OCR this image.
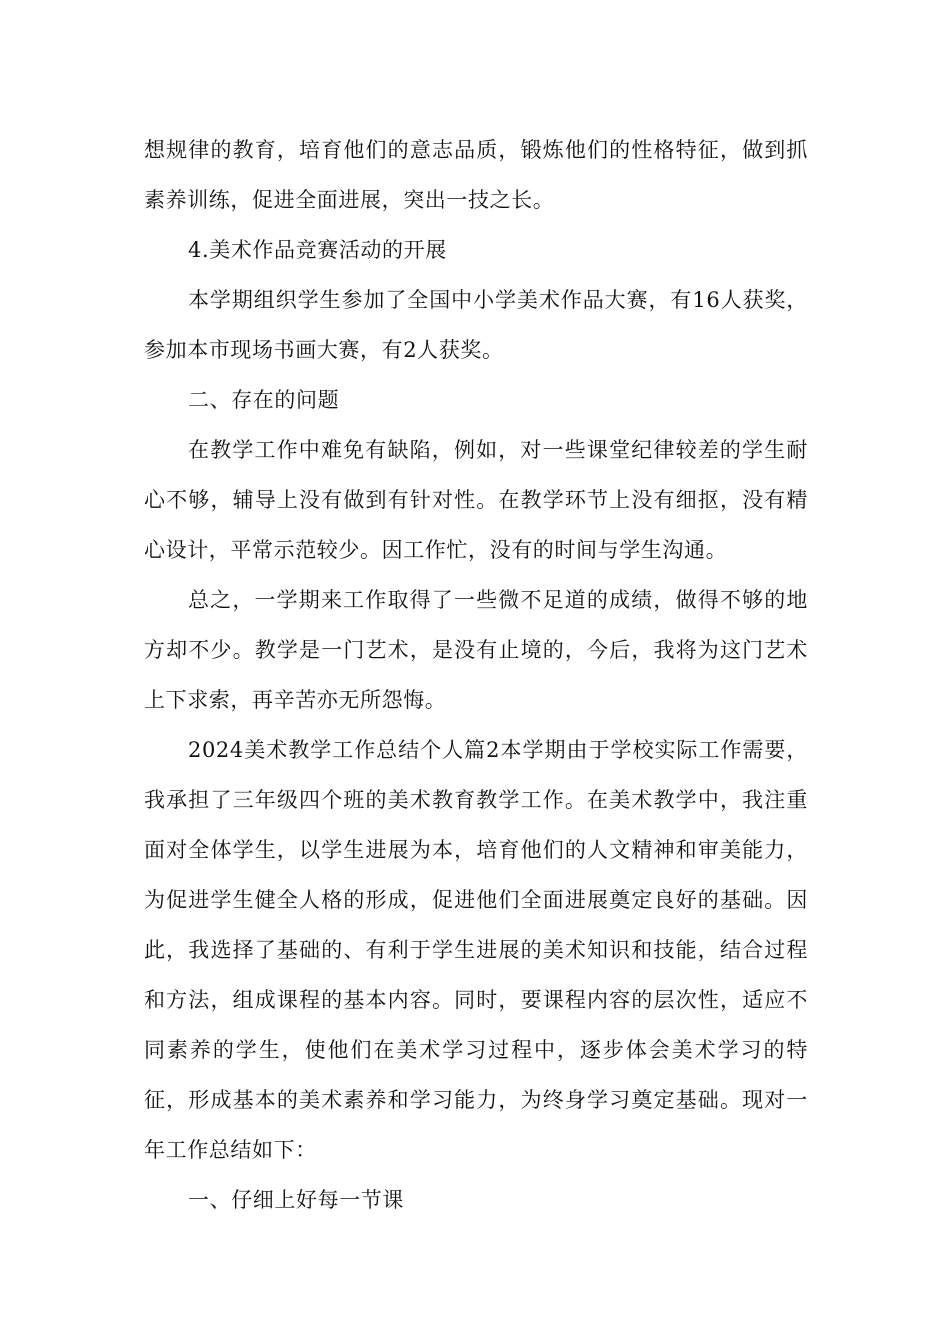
想规律的教育，培育他们的意志品质，锻炼他们的性格特征，做到抓素养训练，促进全面进展，突出一技之长。

4.美术作品竞赛活动的开展

本学期组织学生参加了全国中小学美术作品大赛，有16人获奖，参加本市现场书画大赛，有2人获奖。

二、存在的问题

在教学工作中难免有缺陷，例如，对一些课堂纪律较差的学生耐心不够，辅导上没有做到有针对性。在教学环节上没有细抠，没有精心设计，平常示范较少。因工作忙，没有的时间与学生沟通。

总之，一学期来工作取得了一些微不足道的成绩，做得不够的地方却不少。教学是一门艺术，是没有止境的，今后，我将为这门艺术上下求索，再辛苦亦无所怨悔。

2024美术教学工作总结个人篇2本学期由于学校实际工作需要，我承担了三年级四个班的美术教育教学工作。在美术教学中，我注重面对全体学生，以学生进展为本，培育他们的人文精神和审美能力，为促进学生健全人格的形成，促进他们全面进展奠定良好的基础。因此，我选择了基础的、有利于学生进展的美术知识和技能，结合过程和方法，组成课程的基本内容。同时，要课程内容的层次性，适应不同素养的学生，使他们在美术学习过程中，逐步体会美术学习的特征，形成基本的美术素养和学习能力，为终身学习奠定基础。现对一年工作总结如下：

一、仔细上好每一节课
